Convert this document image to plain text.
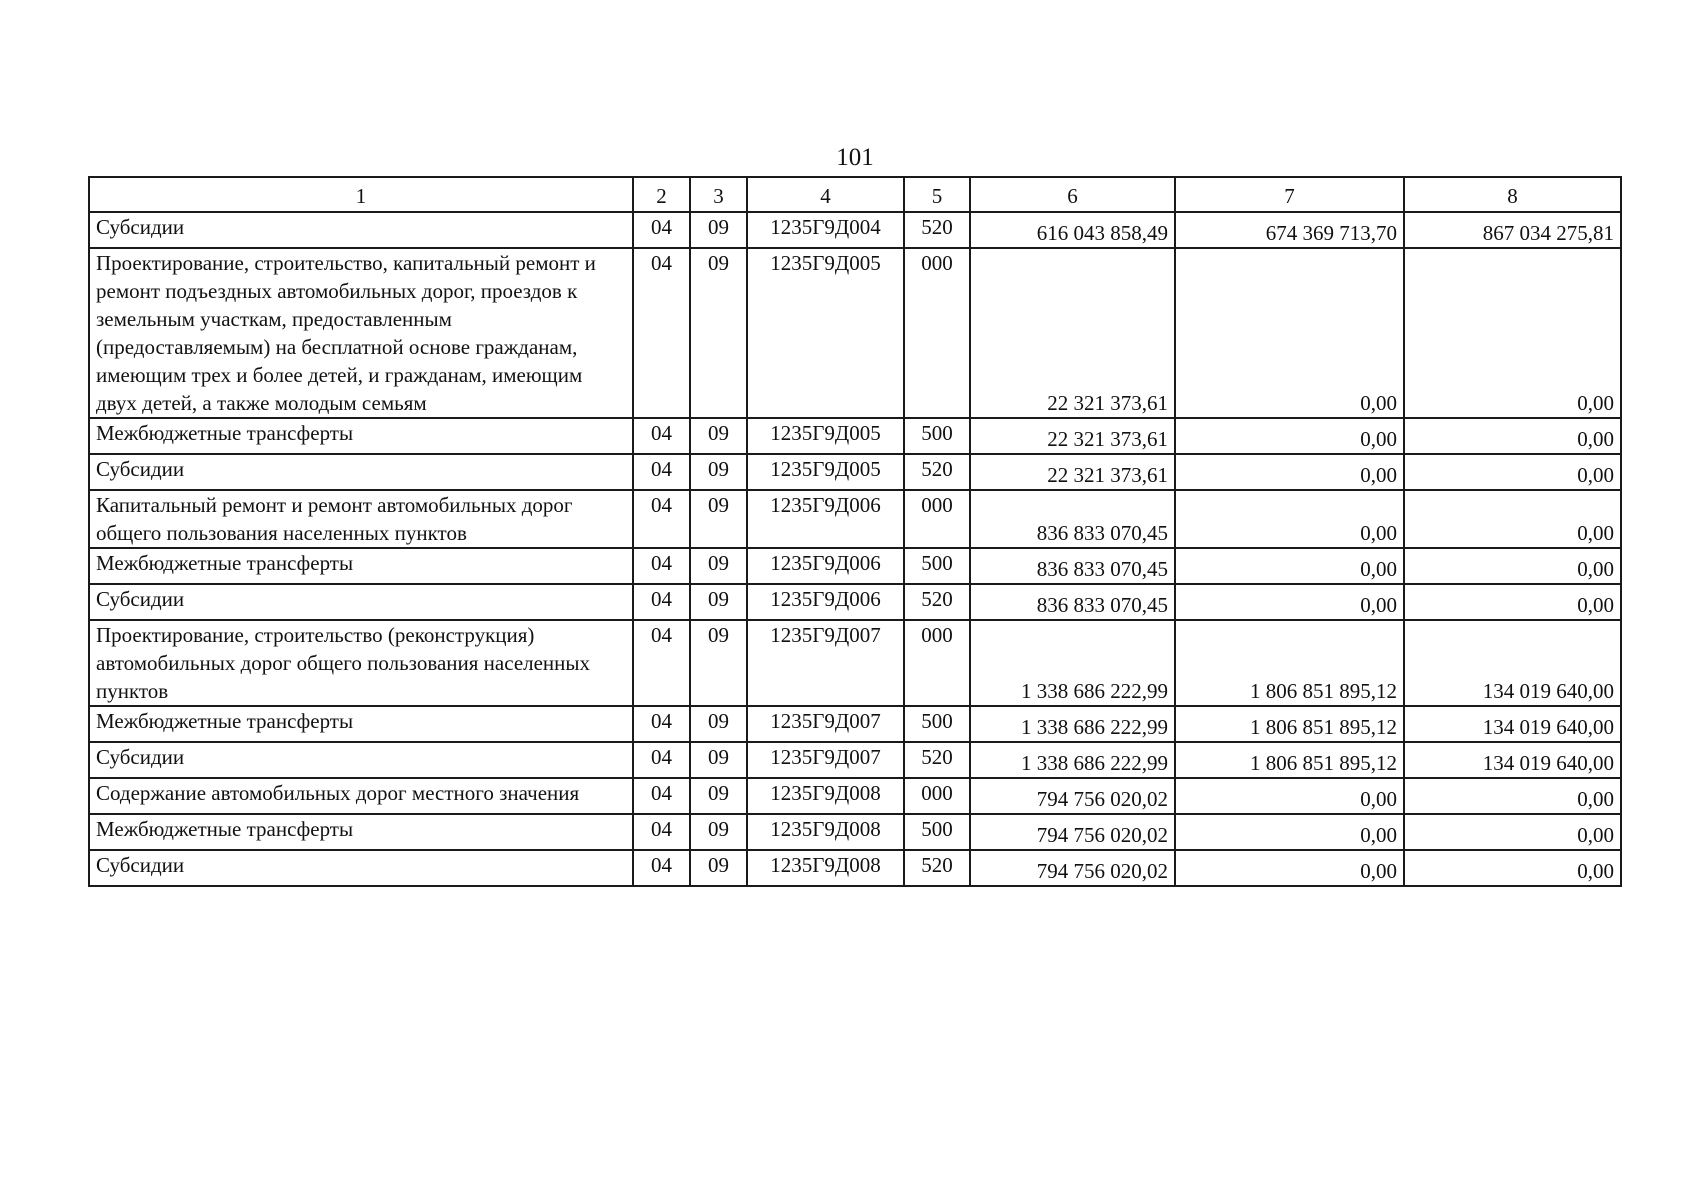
101
1	2	3	4	5	6	7	8
Субсидии	04	09	1235Г9Д004	520	616 043 858,49	674 369 713,70	867 034 275,81
Проектирование, строительство, капитальный ремонт и ремонт подъездных автомобильных дорог, проездов к земельным участкам, предоставленным (предоставляемым) на бесплатной основе гражданам, имеющим трех и более детей, и гражданам, имеющим двух детей, а также молодым семьям	04	09	1235Г9Д005	000	22 321 373,61	0,00	0,00
Межбюджетные трансферты	04	09	1235Г9Д005	500	22 321 373,61	0,00	0,00
Субсидии	04	09	1235Г9Д005	520	22 321 373,61	0,00	0,00
Капитальный ремонт и ремонт автомобильных дорог общего пользования населенных пунктов	04	09	1235Г9Д006	000	836 833 070,45	0,00	0,00
Межбюджетные трансферты	04	09	1235Г9Д006	500	836 833 070,45	0,00	0,00
Субсидии	04	09	1235Г9Д006	520	836 833 070,45	0,00	0,00
Проектирование, строительство (реконструкция) автомобильных дорог общего пользования населенных пунктов	04	09	1235Г9Д007	000	1 338 686 222,99	1 806 851 895,12	134 019 640,00
Межбюджетные трансферты	04	09	1235Г9Д007	500	1 338 686 222,99	1 806 851 895,12	134 019 640,00
Субсидии	04	09	1235Г9Д007	520	1 338 686 222,99	1 806 851 895,12	134 019 640,00
Содержание автомобильных дорог местного значения	04	09	1235Г9Д008	000	794 756 020,02	0,00	0,00
Межбюджетные трансферты	04	09	1235Г9Д008	500	794 756 020,02	0,00	0,00
Субсидии	04	09	1235Г9Д008	520	794 756 020,02	0,00	0,00
